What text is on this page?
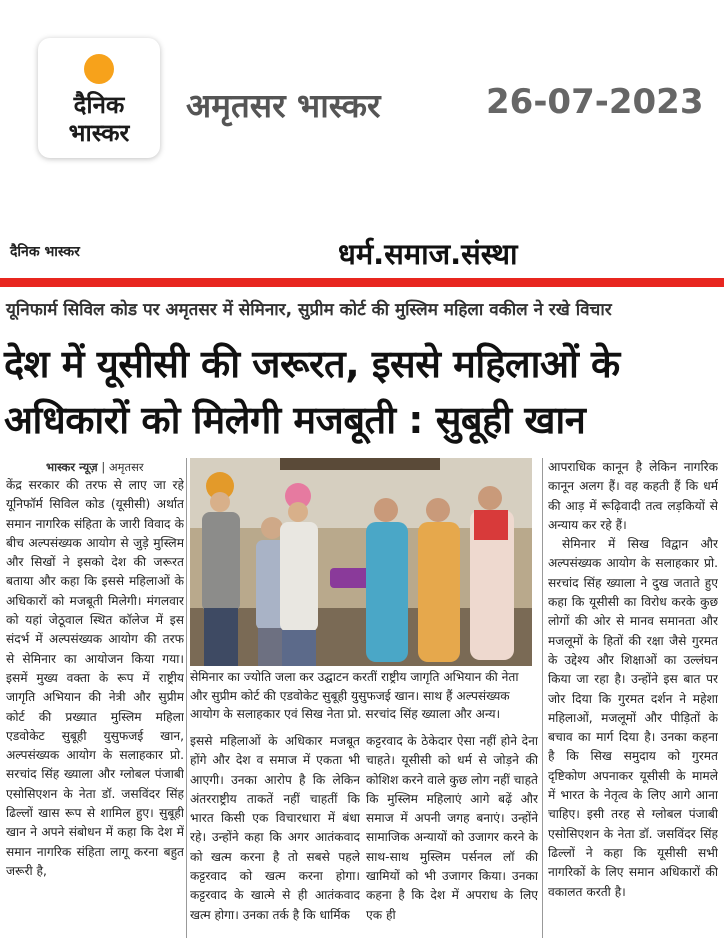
दैनिक
भास्कर
अमृतसर भास्कर	26-07-2023
दैनिक भास्कर	धर्म.समाज.संस्था
यूनिफार्म सिविल कोड पर अमृतसर में सेमिनार, सुप्रीम कोर्ट की मुस्लिम महिला वकील ने रखे विचार
देश में यूसीसी की जरूरत, इससे महिलाओं के
अधिकारों को मिलेगी मजबूती : सुबूही खान
भास्कर न्यूज़ | अमृतसर
केंद्र सरकार की तरफ से लाए जा रहे यूनिफॉर्म सिविल कोड (यूसीसी) अर्थात समान नागरिक संहिता के जारी विवाद के बीच अल्पसंख्यक आयोग से जुड़े मुस्लिम और सिखों ने इसको देश की जरूरत बताया और कहा कि इससे महिलाओं के अधिकारों को मजबूती मिलेगी। मंगलवार को यहां जेठूवाल स्थित कॉलेज में इस संदर्भ में अल्पसंख्यक आयोग की तरफ से सेमिनार का आयोजन किया गया। इसमें मुख्य वक्ता के रूप में राष्ट्रीय जागृति अभियान की नेत्री और सुप्रीम कोर्ट की प्रख्यात मुस्लिम महिला एडवोकेट सुबूही युसुफजई खान, अल्पसंख्यक आयोग के सलाहकार प्रो. सरचांद सिंह ख्याला और ग्लोबल पंजाबी एसोसिएशन के नेता डॉ. जसविंदर सिंह ढिल्लों खास रूप से शामिल हुए। सुबूही खान ने अपने संबोधन में कहा कि देश में समान नागरिक संहिता लागू करना बहुत जरूरी है,
सेमिनार का ज्योति जला कर उद्घाटन करतीं राष्ट्रीय जागृति अभियान की नेता और सुप्रीम कोर्ट की एडवोकेट सुबूही युसुफजई खान। साथ हैं अल्पसंख्यक आयोग के सलाहकार एवं सिख नेता प्रो. सरचांद सिंह ख्याला और अन्य।
इससे महिलाओं के अधिकार मजबूत होंगे और देश व समाज में एकता भी आएगी। उनका आरोप है कि लेकिन अंतरराष्ट्रीय ताकतें नहीं चाहतीं कि भारत किसी एक विचारधारा में बंधा रहे। उन्होंने कहा कि अगर आतंकवाद को खत्म करना है तो सबसे पहले कट्टरवाद को खत्म करना होगा। कट्टरवाद के खात्मे से ही आतंकवाद खत्म होगा। उनका तर्क है कि धार्मिक
कट्टरवाद के ठेकेदार ऐसा नहीं होने देना चाहते। यूसीसी को धर्म से जोड़ने की कोशिश करने वाले कुछ लोग नहीं चाहते कि मुस्लिम महिलाएं आगे बढ़ें और समाज में अपनी जगह बनाएं। उन्होंने सामाजिक अन्यायों को उजागर करने के साथ-साथ मुस्लिम पर्सनल लॉ की खामियों को भी उजागर किया। उनका कहना है कि देश में अपराध के लिए एक ही

आपराधिक कानून है लेकिन नागरिक कानून अलग हैं। वह कहती हैं कि धर्म की आड़ में रूढ़िवादी तत्व लड़कियों से अन्याय कर रहे हैं।

सेमिनार में सिख विद्वान और अल्पसंख्यक आयोग के सलाहकार प्रो. सरचांद सिंह ख्याला ने दुख जताते हुए कहा कि यूसीसी का विरोध करके कुछ लोगों की ओर से मानव समानता और मजलूमों के हितों की रक्षा जैसे गुरमत के उद्देश्य और शिक्षाओं का उल्लंघन किया जा रहा है। उन्होंने इस बात पर जोर दिया कि गुरमत दर्शन ने महेशा महिलाओं, मजलूमों और पीड़ितों के बचाव का मार्ग दिया है। उनका कहना है कि सिख समुदाय को गुरमत दृष्टिकोण अपनाकर यूसीसी के मामले में भारत के नेतृत्व के लिए आगे आना चाहिए। इसी तरह से ग्लोबल पंजाबी एसोसिएशन के नेता डॉ. जसविंदर सिंह ढिल्लों ने कहा कि यूसीसी सभी नागरिकों के लिए समान अधिकारों की वकालत करती है।
